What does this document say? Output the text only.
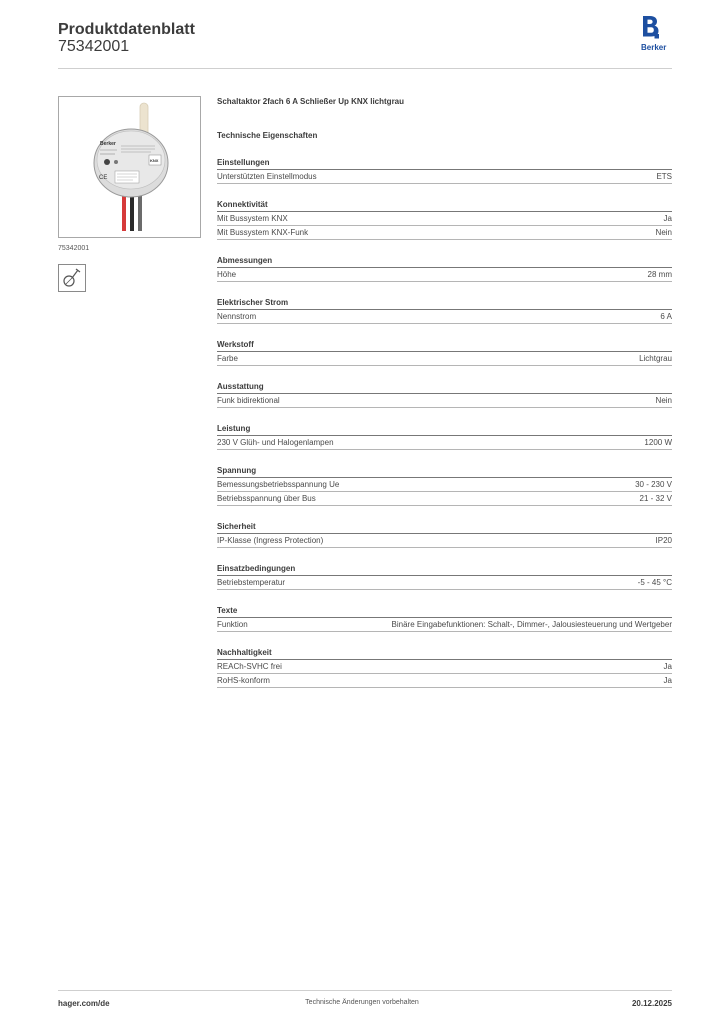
Produktdatenblatt
75342001	Berker
Berker
KNX
CE
75342001
Schaltaktor 2fach 6 A Schließer Up KNX lichtgrau
Technische Eigenschaften
Einstellungen
Unterstützten Einstellmodus	ETS
Konnektivität
Mit Bussystem KNX	Ja
Mit Bussystem KNX-Funk	Nein
Abmessungen
Höhe	28 mm
Elektrischer Strom
Nennstrom	6 A
Werkstoff
Farbe	Lichtgrau
Ausstattung
Funk bidirektional	Nein
Leistung
230 V Glüh- und Halogenlampen	1200 W
Spannung
Bemessungsbetriebsspannung Ue	30 - 230 V
Betriebsspannung über Bus	21 - 32 V
Sicherheit
IP-Klasse (Ingress Protection)	IP20
Einsatzbedingungen
Betriebstemperatur	-5 - 45 °C
Texte
Funktion	Binäre Eingabefunktionen: Schalt-, Dimmer-, Jalousiesteuerung und Wertgeber
Nachhaltigkeit
REACh-SVHC frei	Ja
RoHS-konform	Ja
hager.com/de	Technische Änderungen vorbehalten	20.12.2025
